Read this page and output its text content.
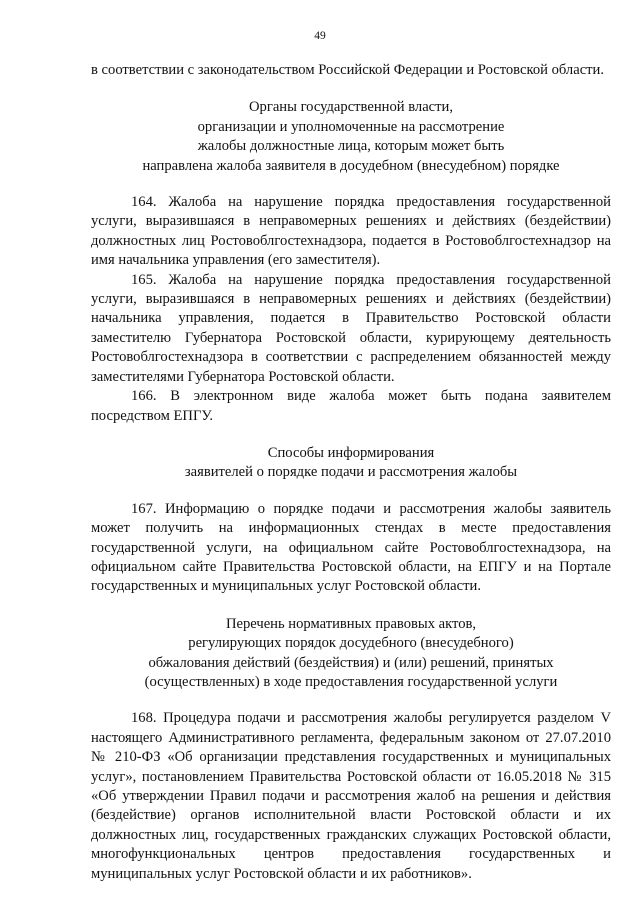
49

в соответствии с законодательством Российской Федерации и Ростовской области.

Органы государственной власти,
организации и уполномоченные на рассмотрение
жалобы должностные лица, которым может быть
направлена жалоба заявителя в досудебном (внесудебном) порядке

164. Жалоба на нарушение порядка предоставления государственной услуги, выразившаяся в неправомерных решениях и действиях (бездействии) должностных лиц Ростовоблгостехнадзора, подается в Ростовоблгостехнадзор на имя начальника управления (его заместителя).

165. Жалоба на нарушение порядка предоставления государственной услуги, выразившаяся в неправомерных решениях и действиях (бездействии) начальника управления, подается в Правительство Ростовской области заместителю Губернатора Ростовской области, курирующему деятельность Ростовоблгостехнадзора в соответствии с распределением обязанностей между заместителями Губернатора Ростовской области.

166. В электронном виде жалоба может быть подана заявителем посредством ЕПГУ.

Способы информирования
заявителей о порядке подачи и рассмотрения жалобы

167. Информацию о порядке подачи и рассмотрения жалобы заявитель может получить на информационных стендах в месте предоставления государственной услуги, на официальном сайте Ростовоблгостехнадзора, на официальном сайте Правительства Ростовской области, на ЕПГУ и на Портале государственных и муниципальных услуг Ростовской области.

Перечень нормативных правовых актов,
регулирующих порядок досудебного (внесудебного)
обжалования действий (бездействия) и (или) решений, принятых
(осуществленных) в ходе предоставления государственной услуги

168. Процедура подачи и рассмотрения жалобы регулируется разделом V настоящего Административного регламента, федеральным законом от 27.07.2010 № 210-ФЗ «Об организации представления государственных и муниципальных услуг», постановлением Правительства Ростовской области от 16.05.2018 № 315 «Об утверждении Правил подачи и рассмотрения жалоб на решения и действия (бездействие) органов исполнительной власти Ростовской области и их должностных лиц, государственных гражданских служащих Ростовской области, многофункциональных центров предоставления государственных и муниципальных услуг Ростовской области и их работников».
